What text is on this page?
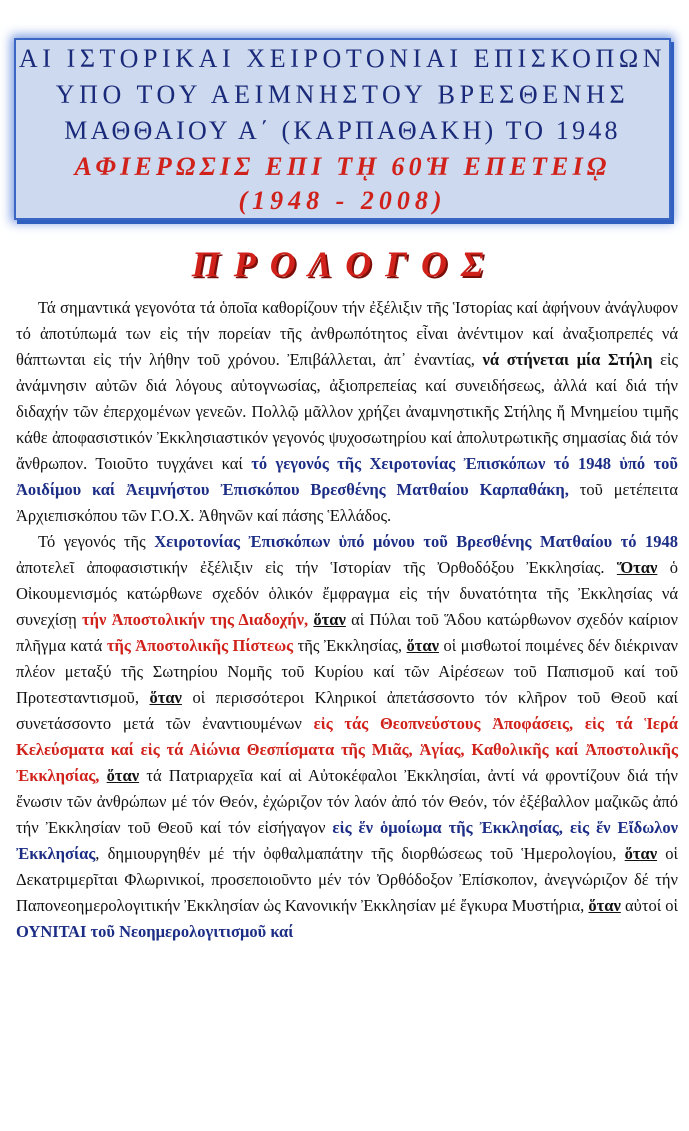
ΑΙ ΙΣΤΟΡΙΚΑΙ ΧΕΙΡΟΤΟΝΙΑΙ ΕΠΙΣΚΟΠΩΝ
ΥΠΟ ΤΟΥ ΑΕΙΜΝΗΣΤΟΥ ΒΡΕΣΘΕΝΗΣ
ΜΑΘΘΑΙΟΥ Α΄ (ΚΑΡΠΑΘΑΚΗ) ΤΟ 1948
ΑΦΙΕΡΩΣΙΣ ΕΠΙ Τῌ 60Ἡ ΕΠΕΤΕΙῼ
(1948 - 2008)
ΠΡΟΛΟΓΟΣ

Τά σημαντικά γεγονότα τά ὁποῖα καθορίζουν τήν ἐξέλιξιν τῆς Ἱστορίας καί ἀφήνουν ἀνάγλυφον τό ἀποτύπωμά των εἰς τήν πορείαν τῆς ἀνθρωπότητος εἶναι ἀνέντιμον καί ἀναξιοπρεπές νά θάπτωνται εἰς τήν λήθην τοῦ χρόνου. Ἐπιβάλλεται, ἀπ᾿ ἐναντίας, νά στήνεται μία Στήλη εἰς ἀνάμνησιν αὐτῶν διά λόγους αὐτογνωσίας, ἀξιοπρεπείας καί συνειδήσεως, ἀλλά καί διά τήν διδαχήν τῶν ἐπερχομένων γενεῶν. Πολλῷ μᾶλλον χρήζει ἀναμνηστικῆς Στήλης ἤ Μνημείου τιμῆς κάθε ἀποφασιστικόν Ἐκκλησιαστικόν γεγονός ψυχοσωτηρίου καί ἀπολυτρωτικῆς σημασίας διά τόν ἄνθρωπον. Τοιοῦτο τυγχάνει καί τό γεγονός τῆς Χειροτονίας Ἐπισκόπων τό 1948 ὑπό τοῦ Ἀοιδίμου καί Ἀειμνήστου Ἐπισκόπου Βρεσθένης Ματθαίου Καρπαθάκη, τοῦ μετέπειτα Ἀρχιεπισκόπου τῶν Γ.Ο.Χ. Ἀθηνῶν καί πάσης Ἑλλάδος.

Τό γεγονός τῆς Χειροτονίας Ἐπισκόπων ὑπό μόνου τοῦ Βρεσθένης Ματθαίου τό 1948 ἀποτελεῖ ἀποφασιστικήν ἐξέλιξιν εἰς τήν Ἱστορίαν τῆς Ὀρθοδόξου Ἐκκλησίας. Ὅταν ὁ Οἰκουμενισμός κατώρθωνε σχεδόν ὁλικόν ἔμφραγμα εἰς τήν δυνατότητα τῆς Ἐκκλησίας νά συνεχίσῃ τήν Ἀποστολικήν της Διαδοχήν, ὅταν αἱ Πύλαι τοῦ Ἅδου κατώρθωνον σχεδόν καίριον πλῆγμα κατά τῆς Ἀποστολικῆς Πίστεως τῆς Ἐκκλησίας, ὅταν οἱ μισθωτοί ποιμένες δέν διέκριναν πλέον μεταξύ τῆς Σωτηρίου Νομῆς τοῦ Κυρίου καί τῶν Αἱρέσεων τοῦ Παπισμοῦ καί τοῦ Προτεσταντισμοῦ, ὅταν οἱ περισσότεροι Κληρικοί ἀπετάσσοντο τόν κλῆρον τοῦ Θεοῦ καί συνετάσσοντο μετά τῶν ἐναντιουμένων εἰς τάς Θεοπνεύστους Ἀποφάσεις, εἰς τά Ἱερά Κελεύσματα καί εἰς τά Αἰώνια Θεσπίσματα τῆς Μιᾶς, Ἁγίας, Καθολικῆς καί Ἀποστολικῆς Ἐκκλησίας, ὅταν τά Πατριαρχεῖα καί αἱ Αὐτοκέφαλοι Ἐκκλησίαι, ἀντί νά φροντίζουν διά τήν ἕνωσιν τῶν ἀνθρώπων μέ τόν Θεόν, ἐχώριζον τόν λαόν ἀπό τόν Θεόν, τόν ἐξέβαλλον μαζικῶς ἀπό τήν Ἐκκλησίαν τοῦ Θεοῦ καί τόν εἰσήγαγον εἰς ἕν ὁμοίωμα τῆς Ἐκκλησίας, εἰς ἕν Εἴδωλον Ἐκκλησίας, δημιουργηθέν μέ τήν ὀφθαλμαπάτην τῆς διορθώσεως τοῦ Ἡμερολογίου, ὅταν οἱ Δεκατριμερῖται Φλωρινικοί, προσεποιοῦντο μέν τόν Ὀρθόδοξον Ἐπίσκοπον, ἀνεγνώριζον δέ τήν Παπονεοημερολογιτικήν Ἐκκλησίαν ὡς Κανονικήν Ἐκκλησίαν μέ ἔγκυρα Μυστήρια, ὅταν αὐτοί οἱ ΟΥΝΙΤΑΙ τοῦ Νεοημερολογιτισμοῦ καί
